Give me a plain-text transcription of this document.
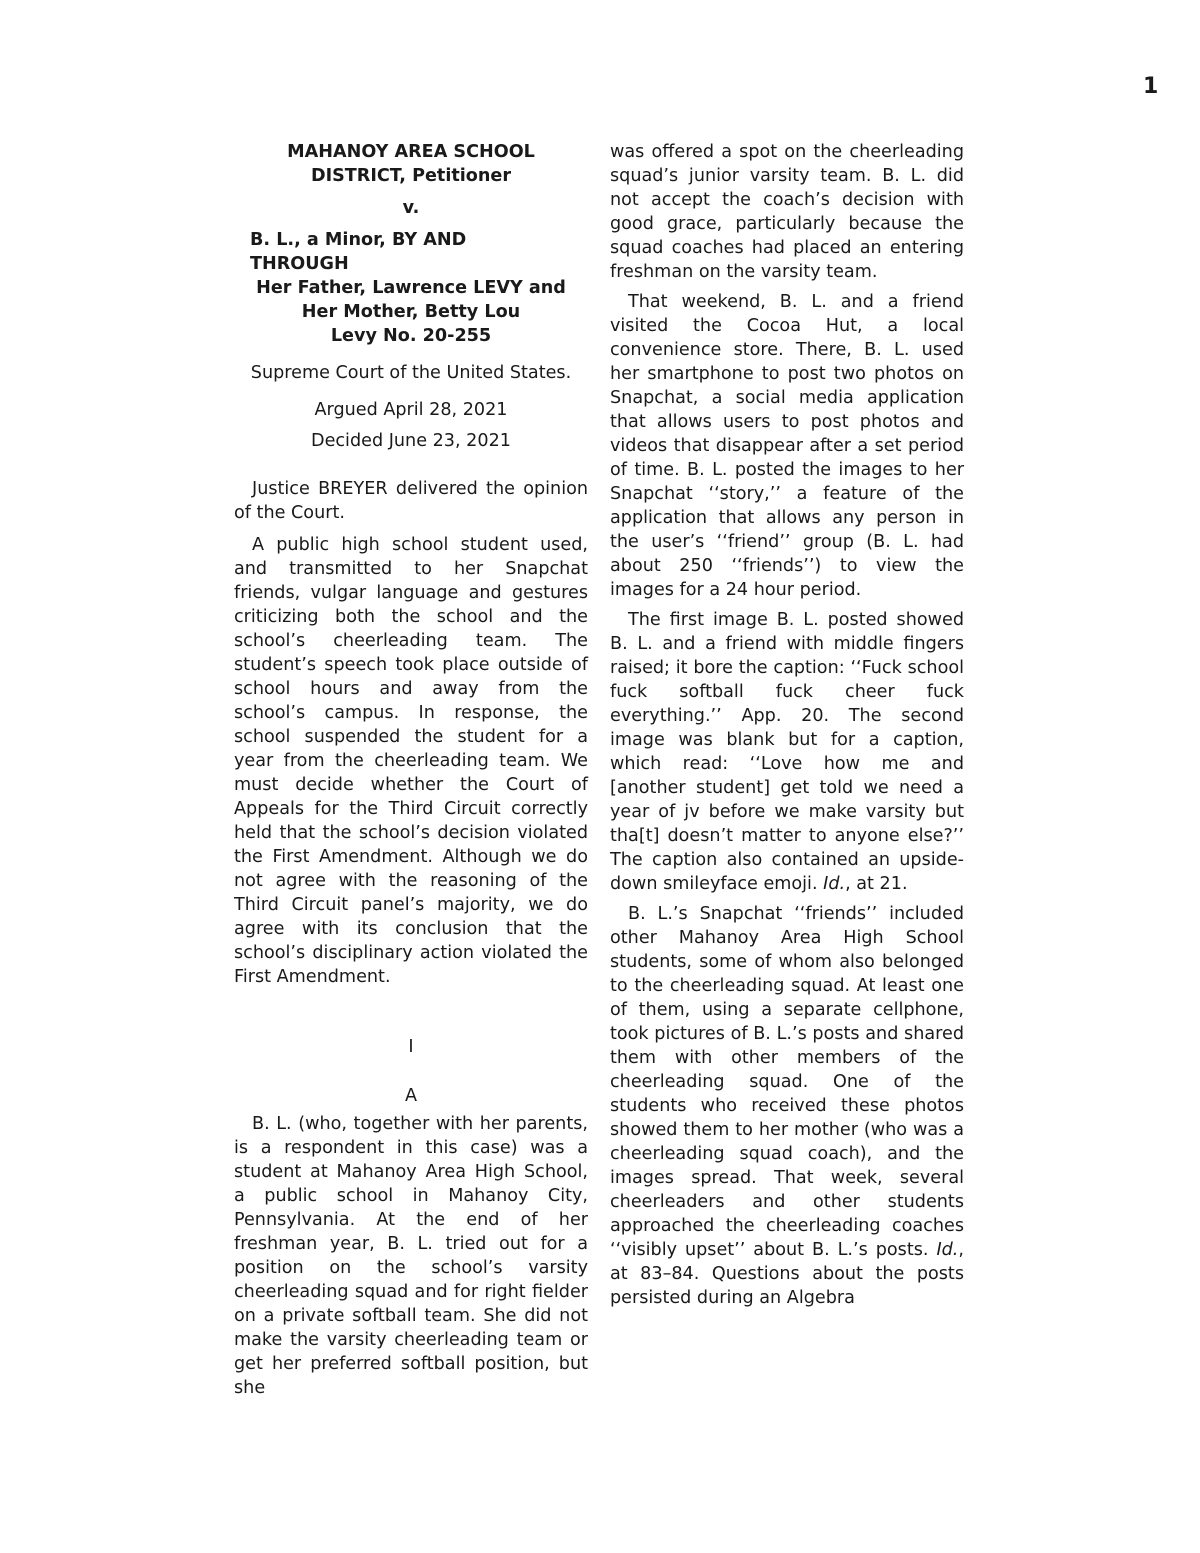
1
MAHANOY AREA SCHOOL
DISTRICT, Petitioner
v.
B. L., a Minor, BY AND
THROUGH
Her Father, Lawrence LEVY and
Her Mother, Betty Lou
Levy No. 20-255
Supreme Court of the United States.
Argued April 28, 2021
Decided June 23, 2021

Justice BREYER delivered the opinion of the Court.

A public high school student used, and transmitted to her Snapchat friends, vulgar language and gestures criticizing both the school and the school’s cheerleading team. The student’s speech took place outside of school hours and away from the school’s campus. In response, the school suspended the student for a year from the cheerleading team. We must decide whether the Court of Appeals for the Third Circuit correctly held that the school’s decision violated the First Amendment. Although we do not agree with the reasoning of the Third Circuit panel’s majority, we do agree with its conclusion that the school’s disciplinary action violated the First Amendment.

I
A

B. L. (who, together with her parents, is a respondent in this case) was a student at Mahanoy Area High School, a public school in Mahanoy City, Pennsylvania. At the end of her freshman year, B. L. tried out for a position on the school’s varsity cheerleading squad and for right fielder on a private softball team. She did not make the varsity cheerleading team or get her preferred softball position, but she

was offered a spot on the cheerleading squad’s junior varsity team. B. L. did not accept the coach’s decision with good grace, particularly because the squad coaches had placed an entering freshman on the varsity team.

That weekend, B. L. and a friend visited the Cocoa Hut, a local convenience store. There, B. L. used her smartphone to post two photos on Snapchat, a social media application that allows users to post photos and videos that disappear after a set period of time. B. L. posted the images to her Snapchat ‘‘story,’’ a feature of the application that allows any person in the user’s ‘‘friend’’ group (B. L. had about 250 ‘‘friends’’) to view the images for a 24 hour period.

The first image B. L. posted showed B. L. and a friend with middle fingers raised; it bore the caption: ‘‘Fuck school fuck softball fuck cheer fuck everything.’’ App. 20. The second image was blank but for a caption, which read: ‘‘Love how me and [another student] get told we need a year of jv before we make varsity but tha[t] doesn’t matter to anyone else?’’ The caption also contained an upside-down smileyface emoji. Id., at 21.

B. L.’s Snapchat ‘‘friends’’ included other Mahanoy Area High School students, some of whom also belonged to the cheerleading squad. At least one of them, using a separate cellphone, took pictures of B. L.’s posts and shared them with other members of the cheerleading squad. One of the students who received these photos showed them to her mother (who was a cheerleading squad coach), and the images spread. That week, several cheerleaders and other students approached the cheerleading coaches ‘‘visibly upset’’ about B. L.’s posts. Id., at 83–84. Questions about the posts persisted during an Algebra
